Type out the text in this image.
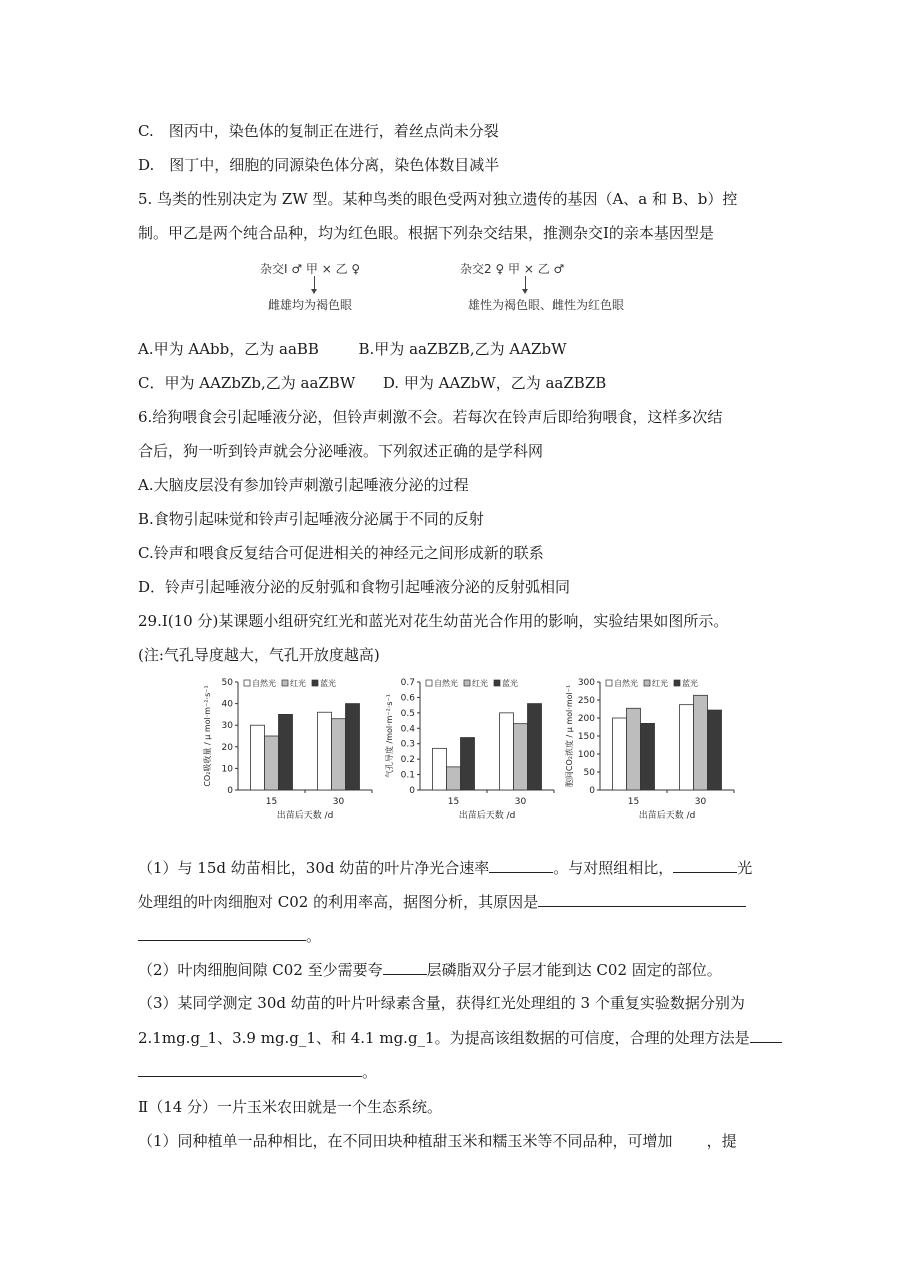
C.　图丙中，染色体的复制正在进行，着丝点尚未分裂
D.　图丁中，细胞的同源染色体分离，染色体数目减半
5. 鸟类的性别决定为 ZW 型。某种鸟类的眼色受两对独立遗传的基因（A、a 和 B、b）控
制。甲乙是两个纯合品种，均为红色眼。根据下列杂交结果，推测杂交Ⅰ的亲本基因型是
杂交Ⅰ ♂ 甲 × 乙 ♀
雌雄均为褐色眼
杂交2 ♀ 甲 × 乙 ♂
雄性为褐色眼、雌性为红色眼
A.甲为 AAbb，乙为 aaBB	B.甲为 aaZBZB,乙为 AAZbW
C．甲为 AAZbZb,乙为 aaZBW D. 甲为 AAZbW，乙为 aaZBZB
6.给狗喂食会引起唾液分泌，但铃声刺激不会。若每次在铃声后即给狗喂食，这样多次结
合后，狗一听到铃声就会分泌唾液。下列叙述正确的是学科网
A.大脑皮层没有参加铃声刺激引起唾液分泌的过程
B.食物引起味觉和铃声引起唾液分泌属于不同的反射
C.铃声和喂食反复结合可促进相关的神经元之间形成新的联系
D．铃声引起唾液分泌的反射弧和食物引起唾液分泌的反射弧相同
29.Ⅰ(10 分)某课题小组研究红光和蓝光对花生幼苗光合作用的影响，实验结果如图所示。
(注:气孔导度越大，气孔开放度越高)
0
10
20
30
40
50
CO₂吸收量 / μ mol·m⁻²·s⁻¹
15	30
出苗后天数 /d
自然光 红光 蓝光
0
0.1
0.2
0.3
0.4
0.5
0.6
0.7
气孔导度 /mol·m⁻²·s⁻¹
15	30
出苗后天数 /d
自然光 红光 蓝光
0
50
100
150
200
250
300
胞间CO₂浓度 / μ mol·mol⁻¹
15	30
出苗后天数 /d
自然光 红光 蓝光
（1）与 15d 幼苗相比，30d 幼苗的叶片净光合速率	。与对照组相比，	光
处理组的叶肉细胞对 C02 的利用率高，据图分析，其原因是
。
（2）叶肉细胞间隙 C02 至少需要夸	层磷脂双分子层才能到达 C02 固定的部位。
（3）某同学测定 30d 幼苗的叶片叶绿素含量，获得红光处理组的 3 个重复实验数据分别为
2.1mg.g_1、3.9 mg.g_1、和 4.1 mg.g_1。为提高该组数据的可信度，合理的处理方法是
。
Ⅱ（14 分）一片玉米农田就是一个生态系统。
（1）同种植单一品种相比，在不同田块种植甜玉米和糯玉米等不同品种，可增加 ，提
